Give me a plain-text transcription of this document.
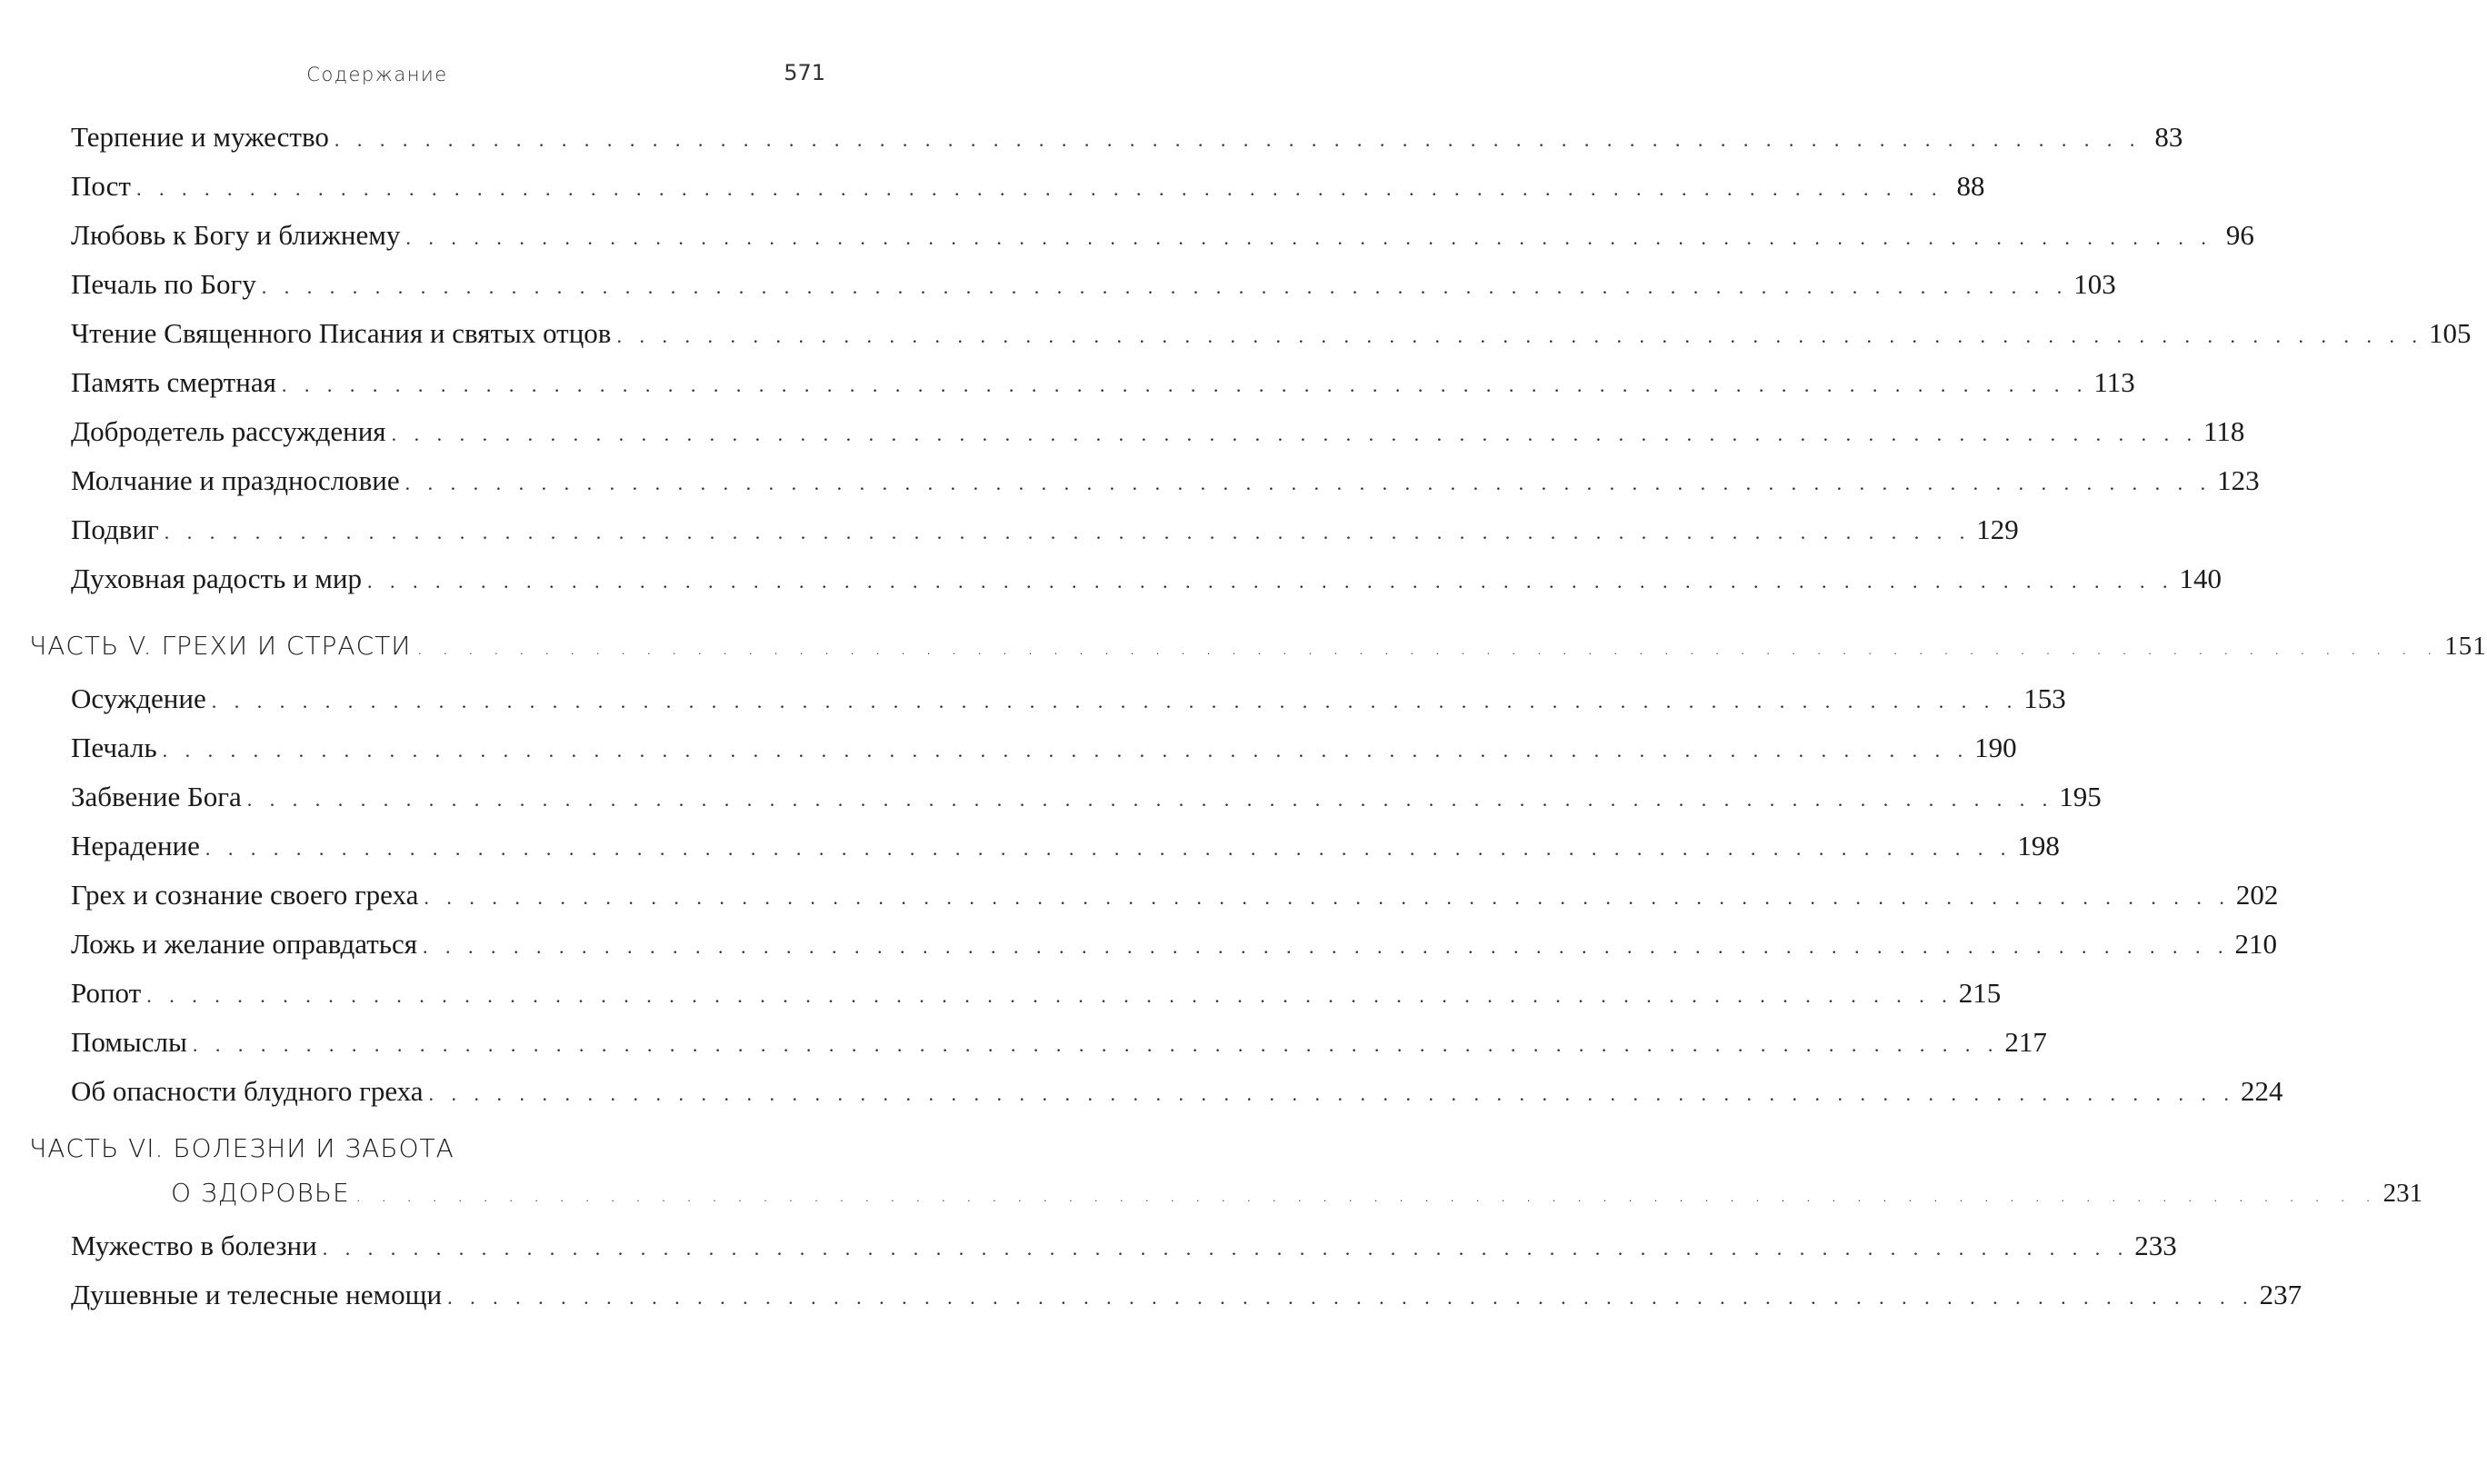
Содержание	571
Терпение и мужество . . . . . . . . . . . . . . . . . . . . . . . . . . . . . . . . . . . . . . . . . . . . . . . . . . . . . . . . . . . . . . . . . . . . . . . . . . . . . . . . 83
Пост . . . . . . . . . . . . . . . . . . . . . . . . . . . . . . . . . . . . . . . . . . . . . . . . . . . . . . . . . . . . . . . . . . . . . . . . . . . . . . . . 88
Любовь к Богу и ближнему . . . . . . . . . . . . . . . . . . . . . . . . . . . . . . . . . . . . . . . . . . . . . . . . . . . . . . . . . . . . . . . . . . . . . . . . . . . . . . . . 96
Печаль по Богу . . . . . . . . . . . . . . . . . . . . . . . . . . . . . . . . . . . . . . . . . . . . . . . . . . . . . . . . . . . . . . . . . . . . . . . . . . . . . . . . 103
Чтение Священного Писания и святых отцов . . . . . . . . . . . . . . . . . . . . . . . . . . . . . . . . . . . . . . . . . . . . . . . . . . . . . . . . . . . . . . . . . . . . . . . . . . . . . . . . 105
Память смертная . . . . . . . . . . . . . . . . . . . . . . . . . . . . . . . . . . . . . . . . . . . . . . . . . . . . . . . . . . . . . . . . . . . . . . . . . . . . . . . . 113
Добродетель рассуждения . . . . . . . . . . . . . . . . . . . . . . . . . . . . . . . . . . . . . . . . . . . . . . . . . . . . . . . . . . . . . . . . . . . . . . . . . . . . . . . . 118
Молчание и празднословие . . . . . . . . . . . . . . . . . . . . . . . . . . . . . . . . . . . . . . . . . . . . . . . . . . . . . . . . . . . . . . . . . . . . . . . . . . . . . . . . 123
Подвиг . . . . . . . . . . . . . . . . . . . . . . . . . . . . . . . . . . . . . . . . . . . . . . . . . . . . . . . . . . . . . . . . . . . . . . . . . . . . . . . . 129
Духовная радость и мир . . . . . . . . . . . . . . . . . . . . . . . . . . . . . . . . . . . . . . . . . . . . . . . . . . . . . . . . . . . . . . . . . . . . . . . . . . . . . . . . 140
ЧАСТЬ V. ГРЕХИ И СТРАСТИ . . . . . . . . . . . . . . . . . . . . . . . . . . . . . . . . . . . . . . . . . . . . . . . . . . . . . . . . . . . . . . . . . . . . . . . . . . . . . . . . 151
Осуждение . . . . . . . . . . . . . . . . . . . . . . . . . . . . . . . . . . . . . . . . . . . . . . . . . . . . . . . . . . . . . . . . . . . . . . . . . . . . . . . . 153
Печаль . . . . . . . . . . . . . . . . . . . . . . . . . . . . . . . . . . . . . . . . . . . . . . . . . . . . . . . . . . . . . . . . . . . . . . . . . . . . . . . . 190
Забвение Бога . . . . . . . . . . . . . . . . . . . . . . . . . . . . . . . . . . . . . . . . . . . . . . . . . . . . . . . . . . . . . . . . . . . . . . . . . . . . . . . . 195
Нерадение . . . . . . . . . . . . . . . . . . . . . . . . . . . . . . . . . . . . . . . . . . . . . . . . . . . . . . . . . . . . . . . . . . . . . . . . . . . . . . . . 198
Грех и сознание своего греха . . . . . . . . . . . . . . . . . . . . . . . . . . . . . . . . . . . . . . . . . . . . . . . . . . . . . . . . . . . . . . . . . . . . . . . . . . . . . . . . 202
Ложь и желание оправдаться . . . . . . . . . . . . . . . . . . . . . . . . . . . . . . . . . . . . . . . . . . . . . . . . . . . . . . . . . . . . . . . . . . . . . . . . . . . . . . . . 210
Ропот . . . . . . . . . . . . . . . . . . . . . . . . . . . . . . . . . . . . . . . . . . . . . . . . . . . . . . . . . . . . . . . . . . . . . . . . . . . . . . . . 215
Помыслы . . . . . . . . . . . . . . . . . . . . . . . . . . . . . . . . . . . . . . . . . . . . . . . . . . . . . . . . . . . . . . . . . . . . . . . . . . . . . . . . 217
Об опасности блудного греха . . . . . . . . . . . . . . . . . . . . . . . . . . . . . . . . . . . . . . . . . . . . . . . . . . . . . . . . . . . . . . . . . . . . . . . . . . . . . . . . 224
ЧАСТЬ VI. БОЛЕЗНИ И ЗАБОТА
О ЗДОРОВЬЕ . . . . . . . . . . . . . . . . . . . . . . . . . . . . . . . . . . . . . . . . . . . . . . . . . . . . . . . . . . . . . . . . . . . . . . . . . . . . . . . . 231
Мужество в болезни . . . . . . . . . . . . . . . . . . . . . . . . . . . . . . . . . . . . . . . . . . . . . . . . . . . . . . . . . . . . . . . . . . . . . . . . . . . . . . . . 233
Душевные и телесные немощи . . . . . . . . . . . . . . . . . . . . . . . . . . . . . . . . . . . . . . . . . . . . . . . . . . . . . . . . . . . . . . . . . . . . . . . . . . . . . . . . 237
